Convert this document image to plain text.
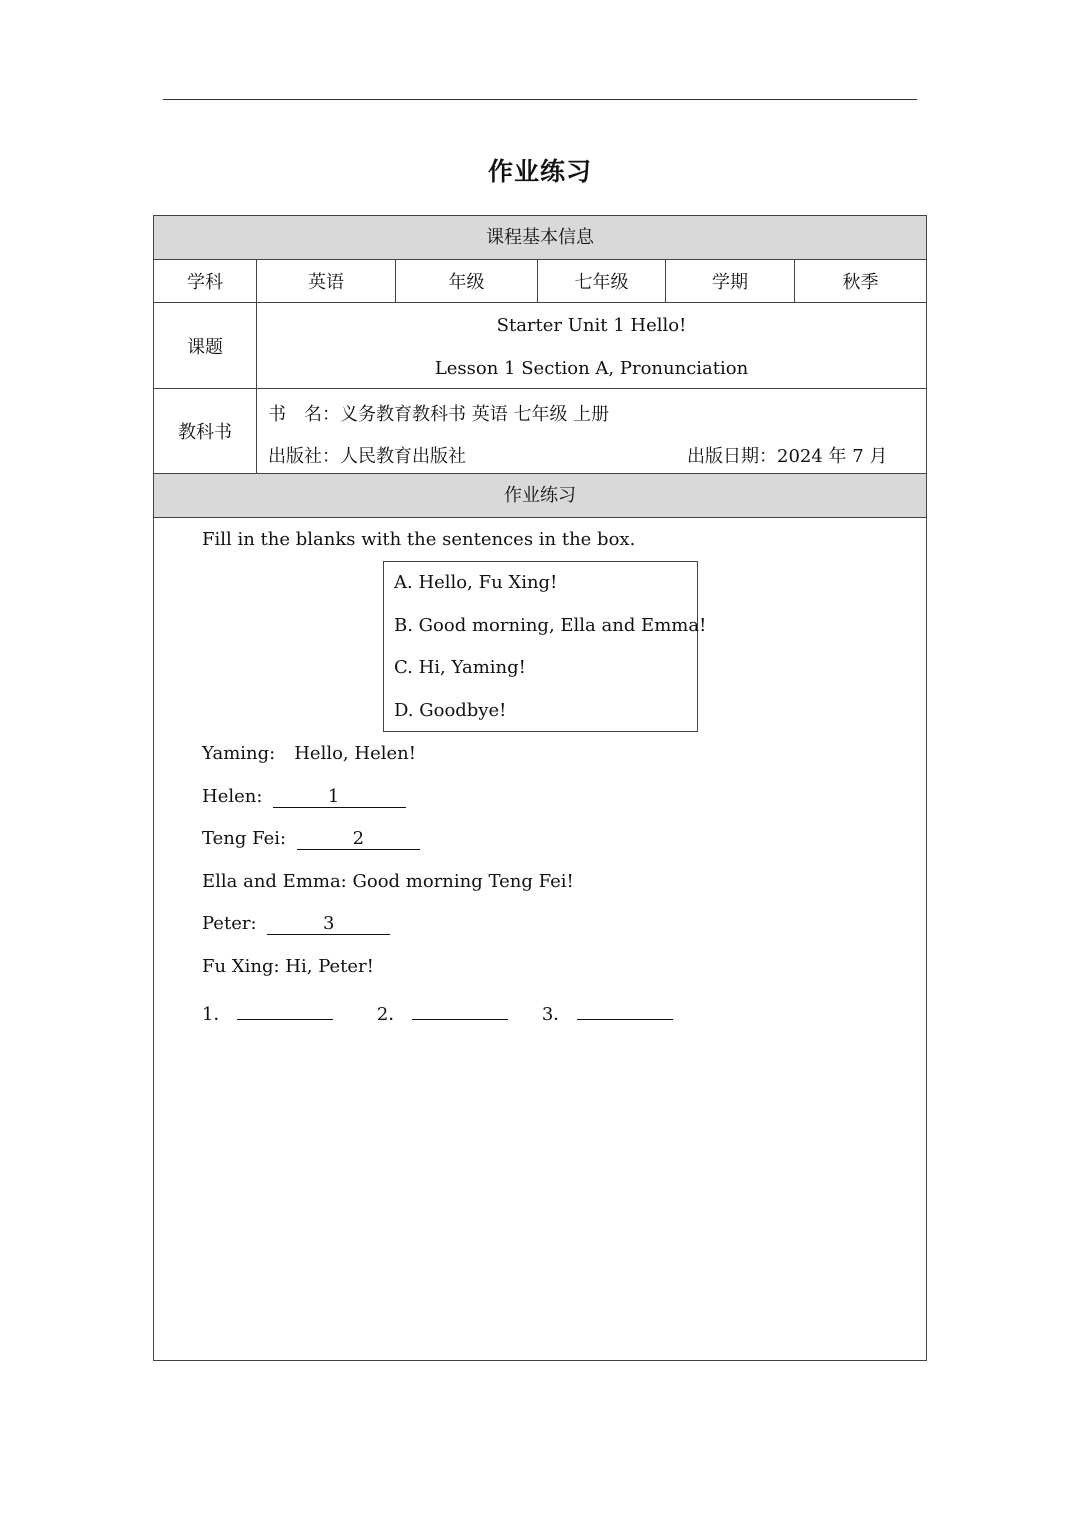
作业练习
课程基本信息
学科	英语	年级	七年级	学期	秋季
课题
Starter Unit 1 Hello!
Lesson 1 Section A, Pronunciation
教科书
书　名：义务教育教科书 英语 七年级 上册
出版社：人民教育出版社	出版日期：2024 年 7 月
作业练习
Fill in the blanks with the sentences in the box.
A. Hello, Fu Xing!
B. Good morning, Ella and Emma!
C. Hi, Yaming!
D. Goodbye!
Yaming: Hello, Helen!
Helen:	1
Teng Fei:	2
Ella and Emma: Good morning Teng Fei!
Peter:	3
Fu Xing: Hi, Peter!
1．	2．	3．
